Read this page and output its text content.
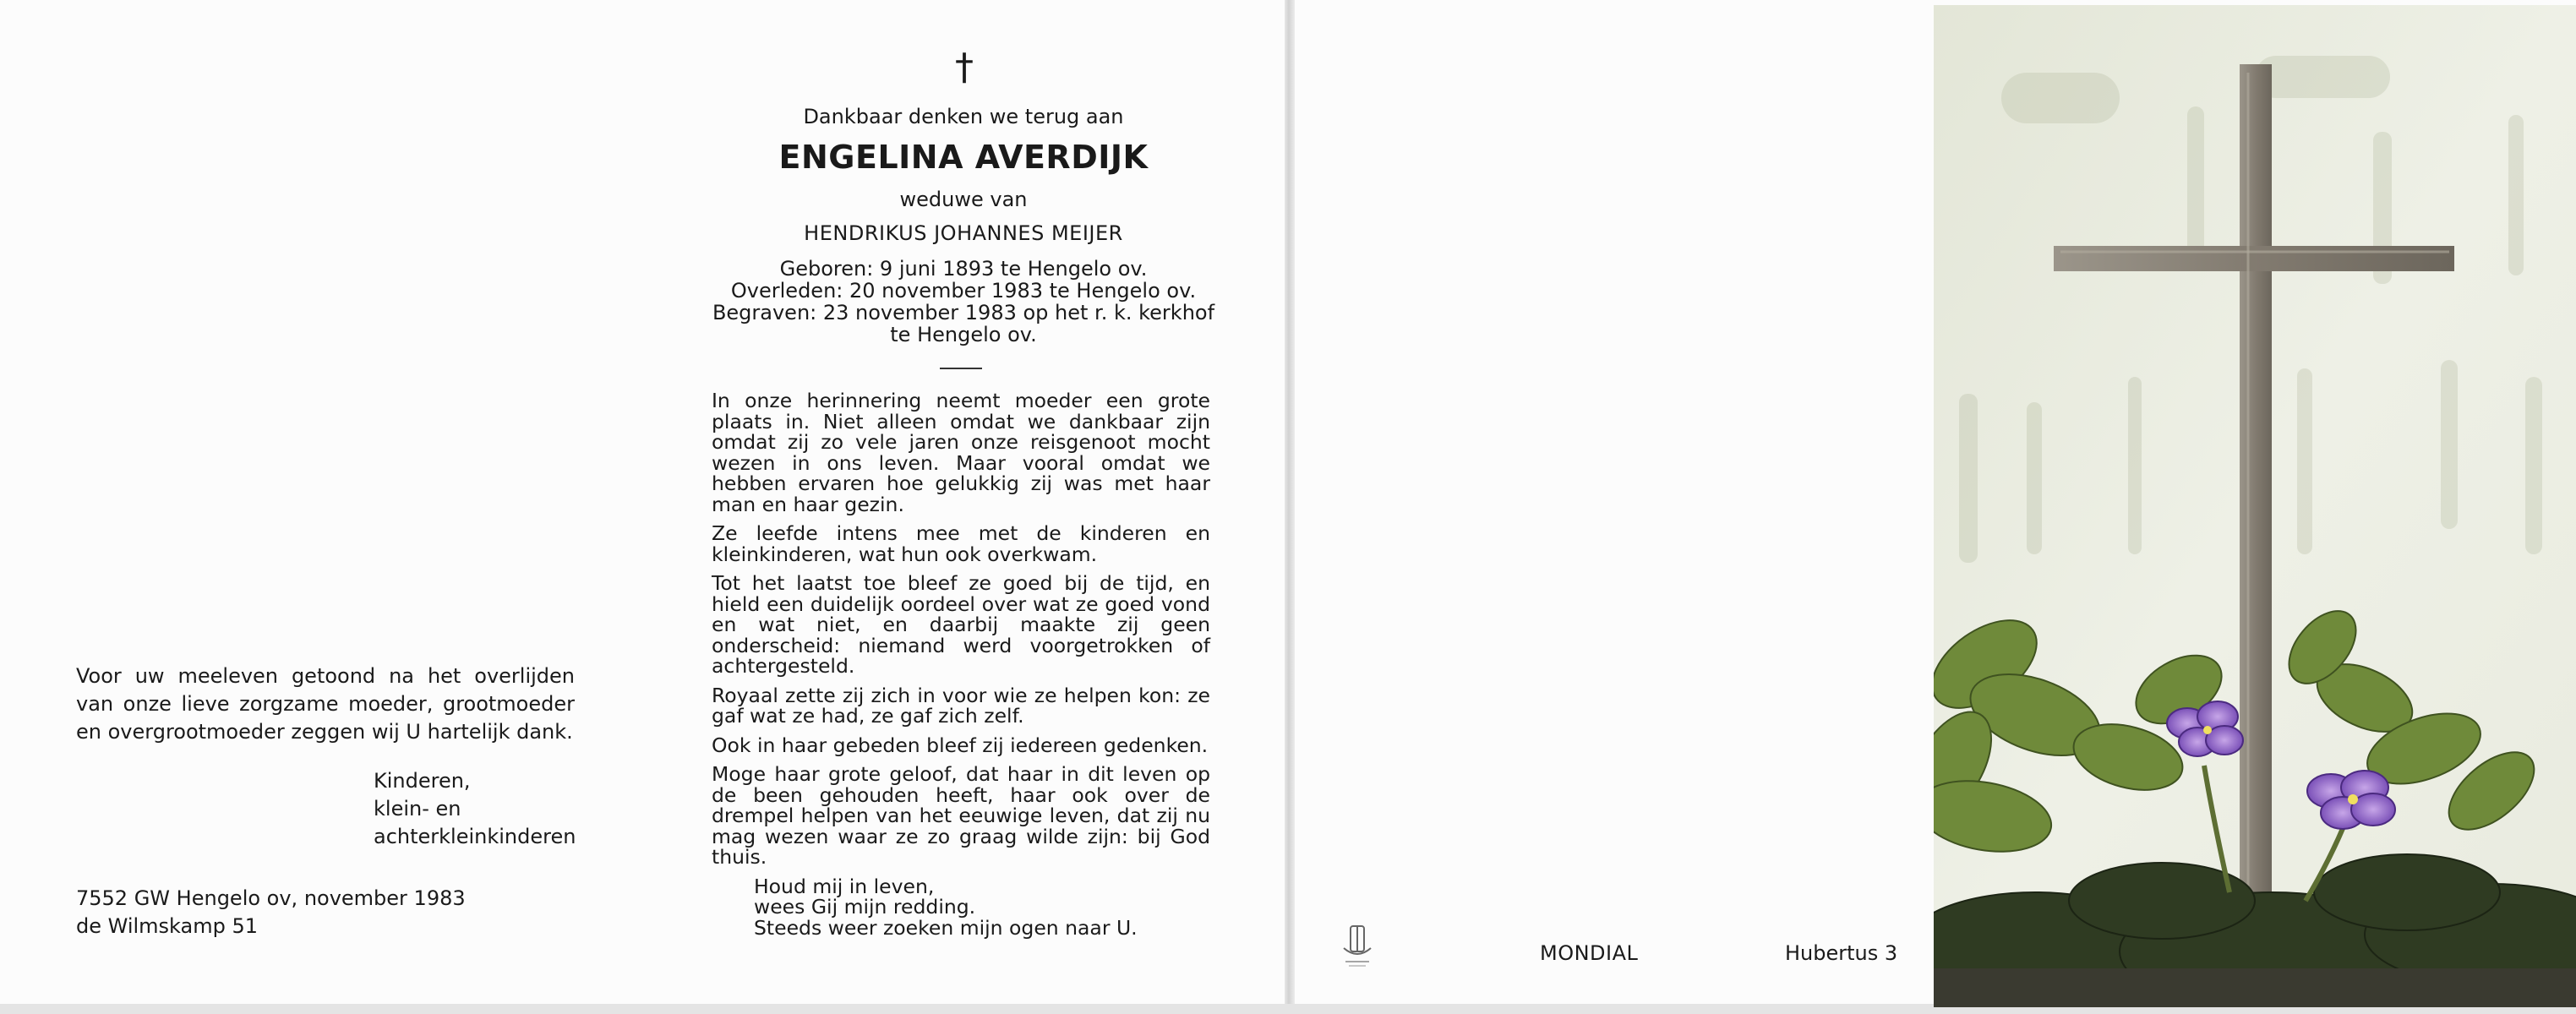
Voor uw meeleven getoond na het overlijden van onze lieve zorgzame moeder, grootmoeder en overgrootmoeder zeggen wij U hartelijk dank.
Kinderen,
klein- en
achterkleinkinderen
7552 GW Hengelo ov, november 1983
de Wilmskamp 51
†
Dankbaar denken we terug aan
ENGELINA AVERDIJK
weduwe van
HENDRIKUS JOHANNES MEIJER
Geboren: 9 juni 1893 te Hengelo ov.
Overleden: 20 november 1983 te Hengelo ov.
Begraven: 23 november 1983 op het r. k. kerkhof
te Hengelo ov.

In onze herinnering neemt moeder een grote plaats in. Niet alleen omdat we dankbaar zijn omdat zij zo vele jaren onze reisgenoot mocht wezen in ons leven. Maar vooral omdat we hebben ervaren hoe gelukkig zij was met haar man en haar gezin.

Ze leefde intens mee met de kinderen en kleinkinderen, wat hun ook overkwam.

Tot het laatst toe bleef ze goed bij de tijd, en hield een duidelijk oordeel over wat ze goed vond en wat niet, en daarbij maakte zij geen onderscheid: niemand werd voorgetrokken of achtergesteld.

Royaal zette zij zich in voor wie ze helpen kon: ze gaf wat ze had, ze gaf zich zelf.

Ook in haar gebeden bleef zij iedereen gedenken.

Moge haar grote geloof, dat haar in dit leven op de been gehouden heeft, haar ook over de drempel helpen van het eeuwige leven, dat zij nu mag wezen waar ze zo graag wilde zijn: bij God thuis.

Houd mij in leven,
wees Gij mijn redding.
Steeds weer zoeken mijn ogen naar U.
MONDIAL	Hubertus 3
